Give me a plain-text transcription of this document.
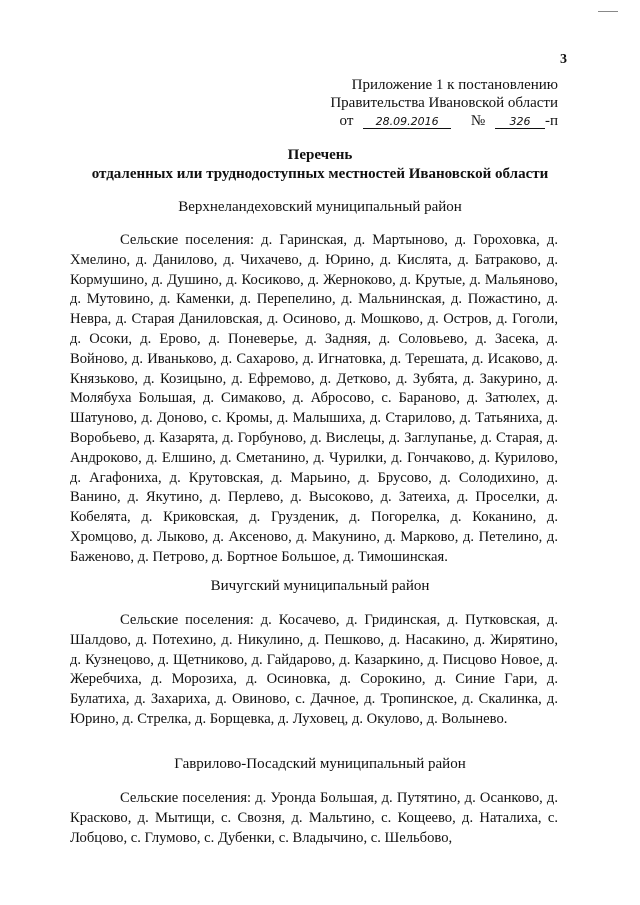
3
Приложение 1 к постановлению
Правительства Ивановской области
от 28.09.2016 № 326 -п
Перечень
отдаленных или труднодоступных местностей Ивановской области
Верхнеландеховский муниципальный район

Сельские поселения: д. Гаринская, д. Мартыново, д. Гороховка, д. Хмелино, д. Данилово, д. Чихачево, д. Юрино, д. Кислята, д. Батраково, д. Кормушино, д. Душино, д. Косиково, д. Жерноково, д. Крутые, д. Мальяново, д. Мутовино, д. Каменки, д. Перепелино, д. Мальнинская, д. Пожастино, д. Невра, д. Старая Даниловская, д. Осиново, д. Мошково, д. Остров, д. Гоголи, д. Осоки, д. Ерово, д. Поневерье, д. Задняя, д. Соловьево, д. Засека, д. Войново, д. Иваньково, д. Сахарово, д. Игнатовка, д. Терешата, д. Исаково, д. Князьково, д. Козицыно, д. Ефремово, д. Детково, д. Зубята, д. Закурино, д. Молябуха Большая, д. Симаково, д. Абросово, с. Бараново, д. Затюлех, д. Шатуново, д. Доново, с. Кромы, д. Малышиха, д. Старилово, д. Татьяниха, д. Воробьево, д. Казарята, д. Горбуново, д. Вислецы, д. Заглупанье, д. Старая, д. Андроково, д. Елшино, д. Сметанино, д. Чурилки, д. Гончаково, д. Курилово, д. Агафониха, д. Крутовская, д. Марьино, д. Брусово, д. Солодихино, д. Ванино, д. Якутино, д. Перлево, д. Высоково, д. Затеиха, д. Проселки, д. Кобелята, д. Криковская, д. Грузденик, д. Погорелка, д. Коканино, д. Хромцово, д. Лыково, д. Аксеново, д. Макунино, д. Марково, д. Петелино, д. Баженово, д. Петрово, д. Бортное Большое, д. Тимошинская.

Вичугский муниципальный район

Сельские поселения: д. Косачево, д. Гридинская, д. Путковская, д. Шалдово, д. Потехино, д. Никулино, д. Пешково, д. Насакино, д. Жирятино, д. Кузнецово, д. Щетниково, д. Гайдарово, д. Казаркино, д. Писцово Новое, д. Жеребчиха, д. Морозиха, д. Осиновка, д. Сорокино, д. Синие Гари, д. Булатиха, д. Захариха, д. Овиново, с. Дачное, д. Тропинское, д. Скалинка, д. Юрино, д. Стрелка, д. Борщевка, д. Луховец, д. Окулово, д. Волынево.

Гаврилово-Посадский муниципальный район

Сельские поселения: д. Уронда Большая, д. Путятино, д. Осанково, д. Красково, д. Мытищи, с. Свозня, д. Мальтино, с. Кощеево, д. Наталиха, с. Лобцово, с. Глумово, с. Дубенки, с. Владычино, с. Шельбово,
